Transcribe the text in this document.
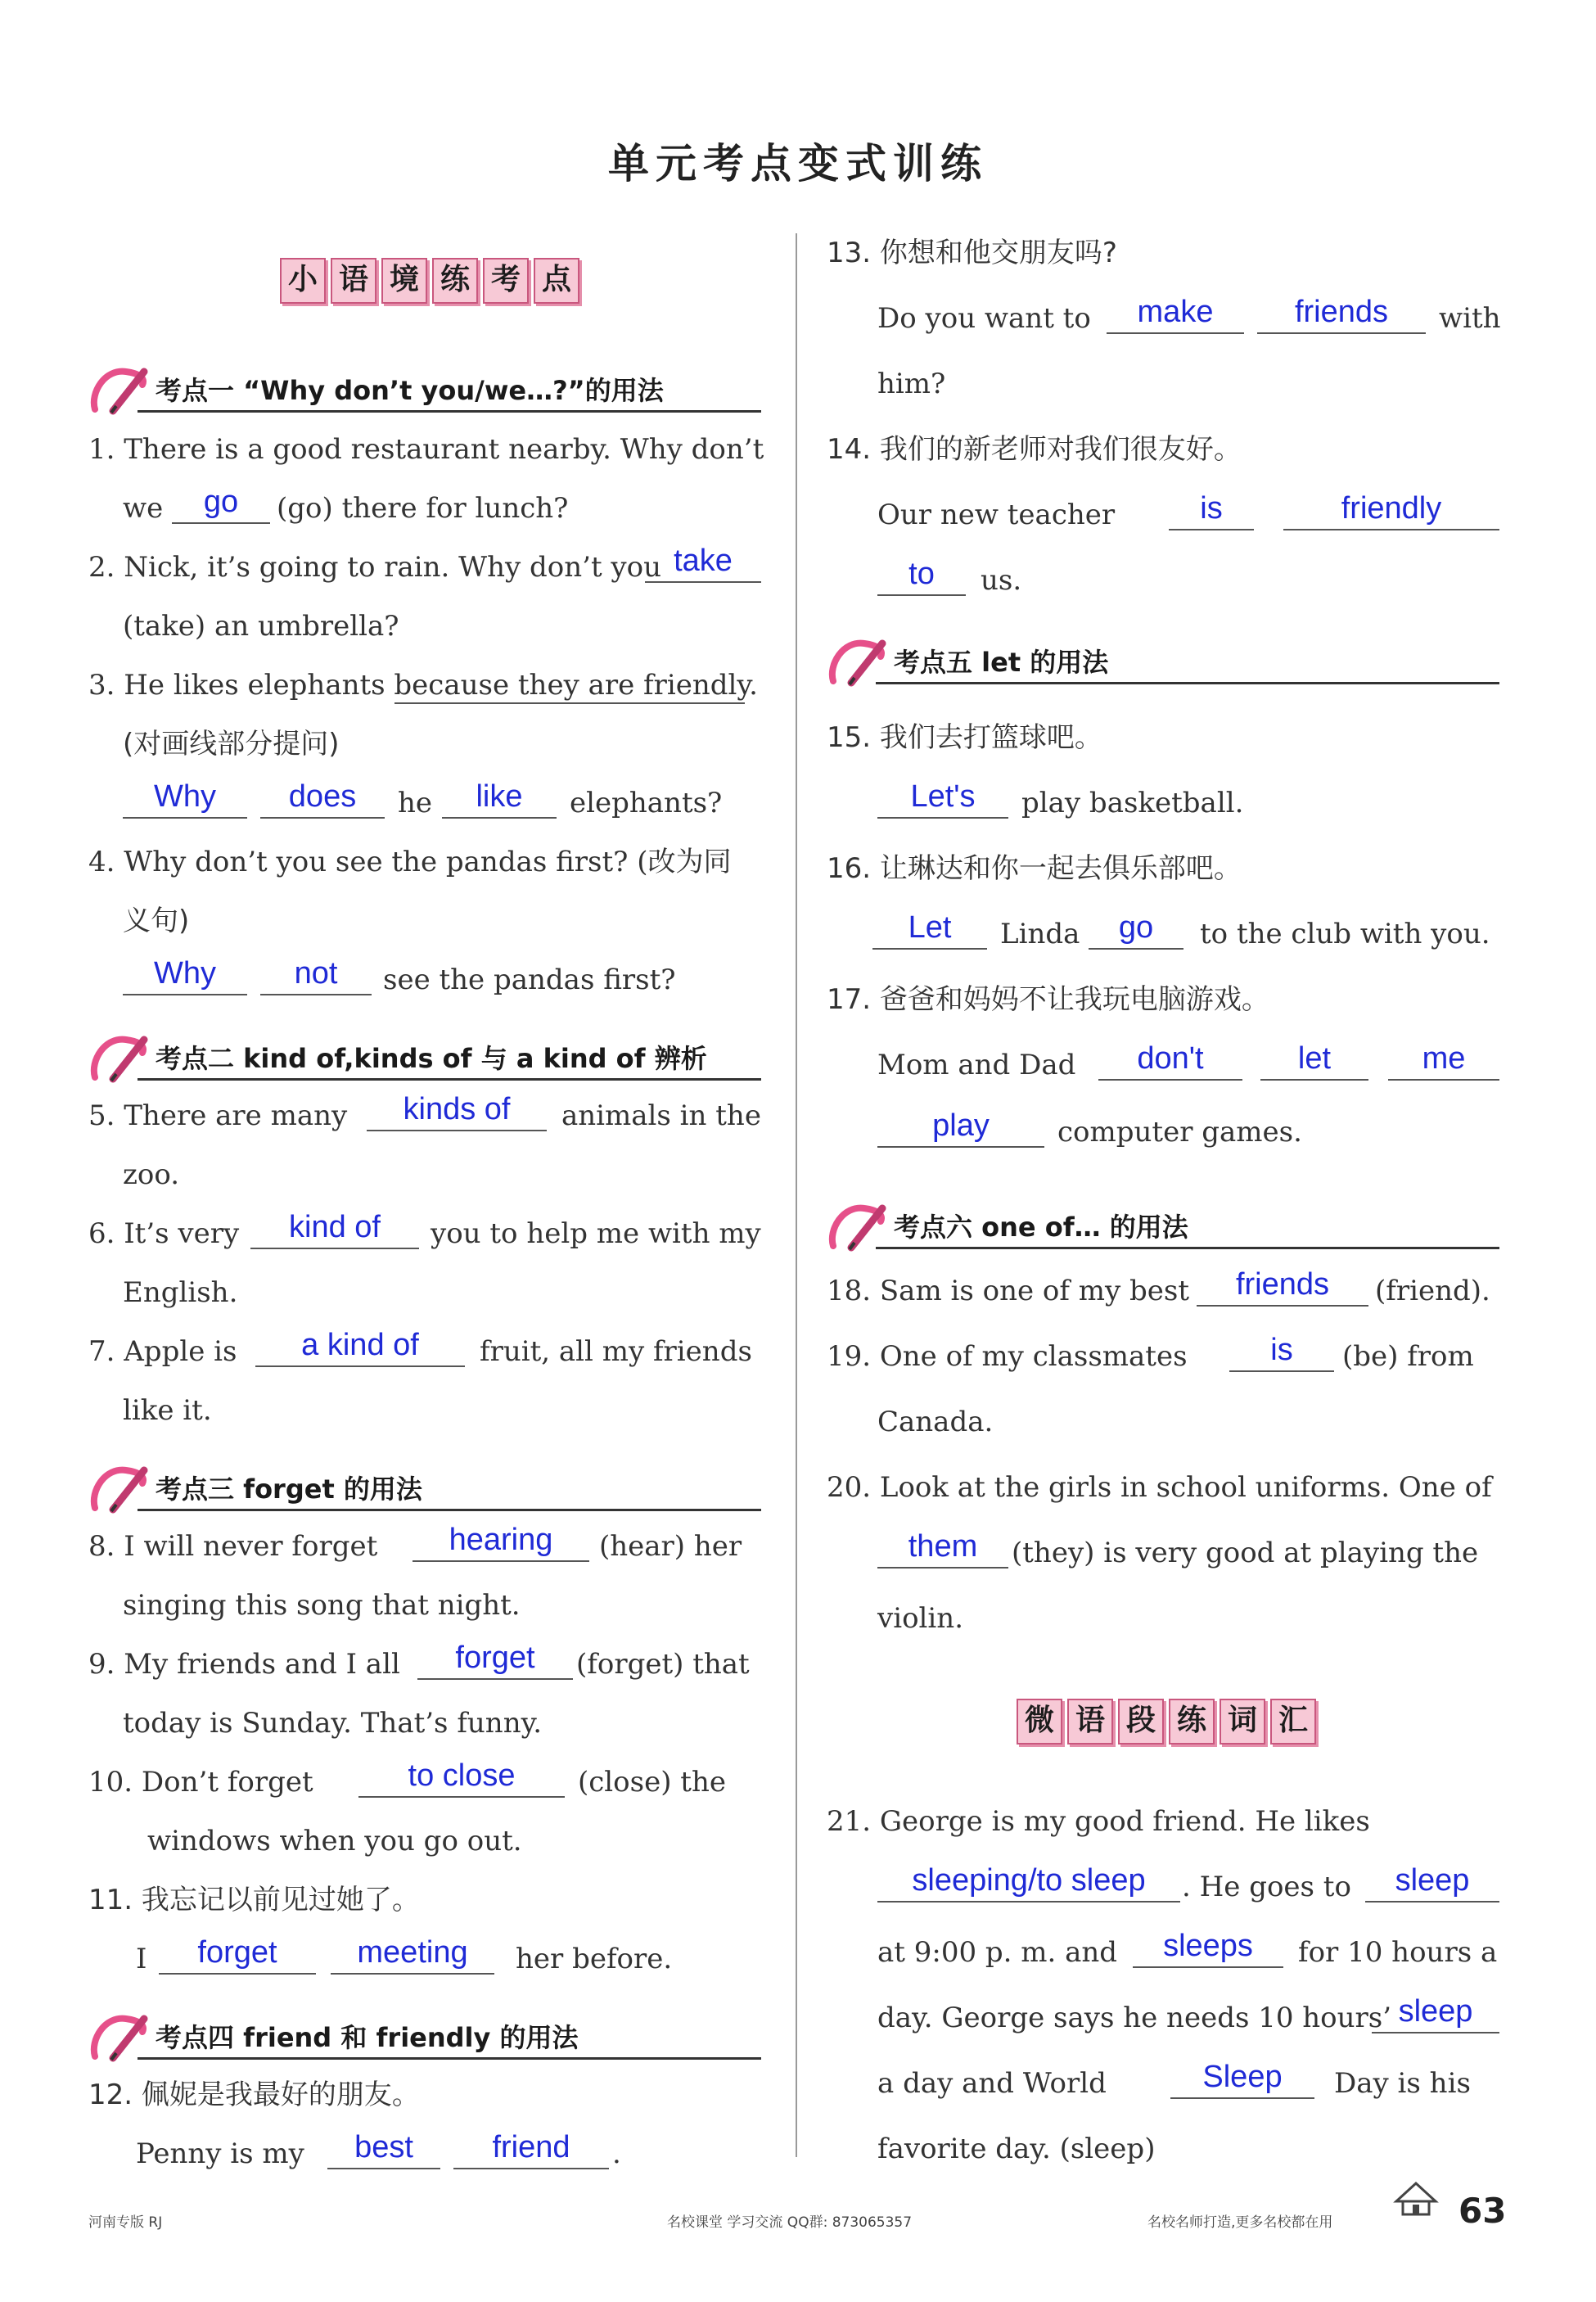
单元考点变式训练
小 语 境 练 考 点
考点一 “Why don’t you/we…?”的用法
1. There is a good restaurant nearby. Why don’t
we	go	(go) there for lunch?
2. Nick, it’s going to rain. Why don’t you take
(take) an umbrella?
3. He likes elephants because they are friendly.
(对画线部分提问)
Why	does	he	like	elephants?
4. Why don’t you see the pandas first? (改为同
义句)
Why	not	see the pandas first?
考点二 kind of,kinds of 与 a kind of 辨析
5. There are many	kinds of	animals in the
zoo.
6. It’s very	kind of	you to help me with my
English.
7. Apple is	a kind of	fruit, all my friends
like it.
考点三 forget 的用法
8. I will never forget	hearing	(hear) her
singing this song that night.
9. My friends and I all	forget	(forget) that
today is Sunday. That’s funny.
10. Don’t forget	to close	(close) the
windows when you go out.
11. 我忘记以前见过她了。
I	forget	meeting	her before.
考点四 friend 和 friendly 的用法
12. 佩妮是我最好的朋友。
Penny is my	best	friend	.
13. 你想和他交朋友吗?
Do you want to	make	friends	with
him?
14. 我们的新老师对我们很友好。
Our new teacher	is	friendly
to	us.
考点五 let 的用法
15. 我们去打篮球吧。
Let's	play basketball.
16. 让琳达和你一起去俱乐部吧。
Let	Linda	go	to the club with you.
17. 爸爸和妈妈不让我玩电脑游戏。
Mom and Dad	don't	let	me
play	computer games.
考点六 one of… 的用法
18. Sam is one of my best	friends	(friend).
19. One of my classmates	is	(be) from
Canada.
20. Look at the girls in school uniforms. One of
them	(they) is very good at playing the
violin.
微 语 段 练 词 汇
21. George is my good friend. He likes
sleeping/to sleep	. He goes to	sleep
at 9:00 p. m. and	sleeps	for 10 hours a
day. George says he needs 10 hours’ sleep
a day and World	Sleep	Day is his
favorite day. (sleep)
河南专版 RJ	名校课堂 学习交流 QQ群: 873065357	名校名师打造,更多名校都在用	63
